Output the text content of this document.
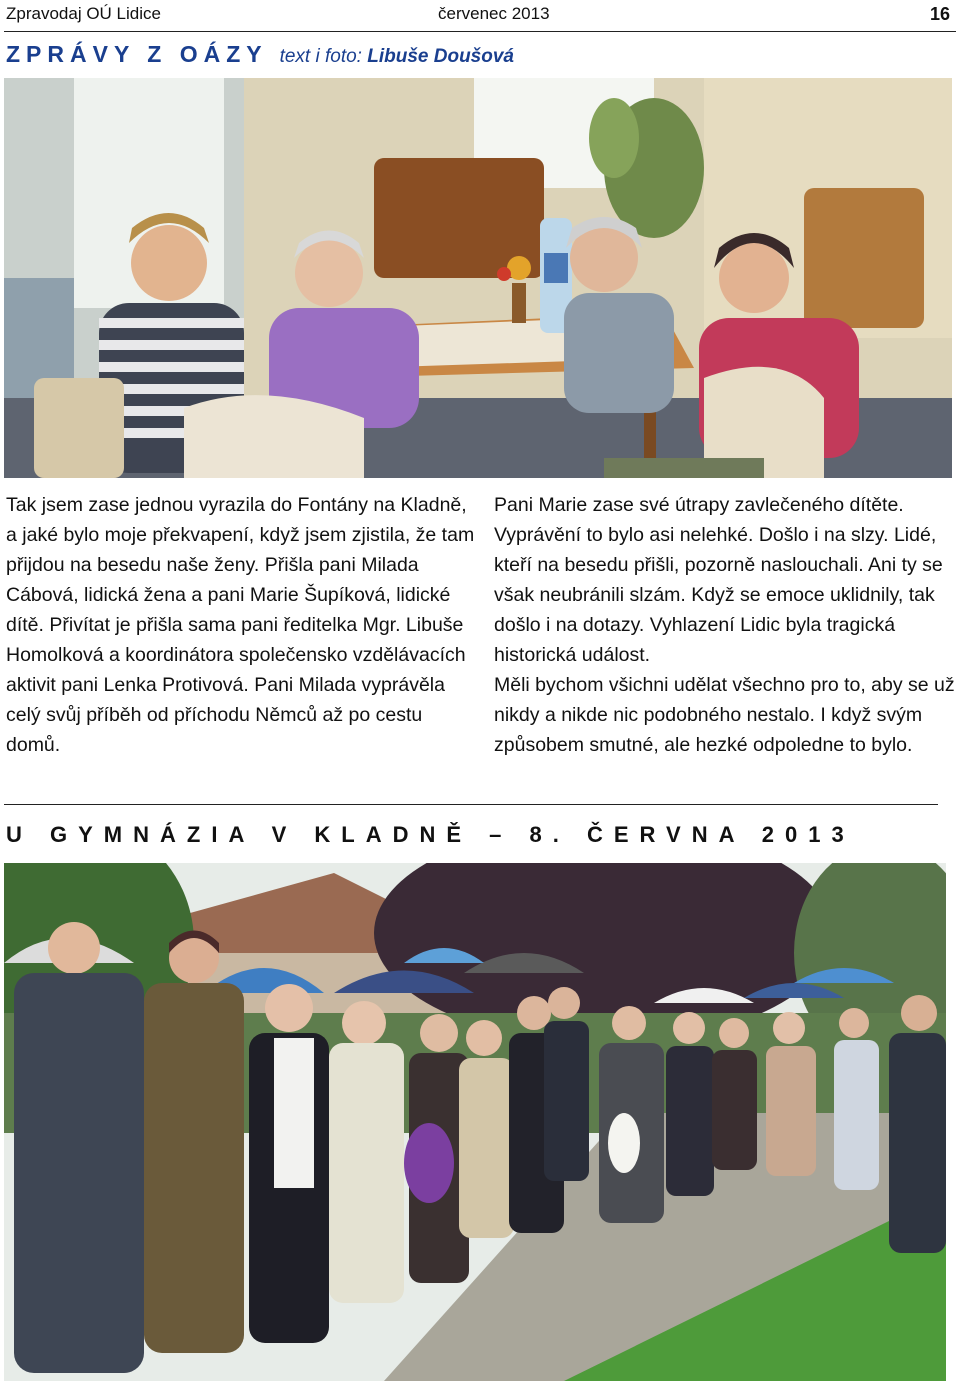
Zpravodaj OÚ Lidice	červenec 2013	16
ZPRÁVY Z OÁZY text i foto: Libuše Doušová

Tak jsem zase jednou vyrazila do Fontány na Kladně, a jaké bylo moje překvapení, když jsem zjistila, že tam přijdou na besedu naše ženy. Přišla pani Milada Cábová, lidická žena a pani Marie Šupíková, lidické dítě. Přivítat je přišla sama pani ředitelka Mgr. Libuše Homolková a koordinátora společensko vzdělávacích aktivit pani Lenka Protivová. Pani Milada vyprávěla celý svůj příběh od příchodu Němců až po cestu domů.

Pani Marie zase své útrapy zavlečeného dítěte. Vyprávění to bylo asi nelehké. Došlo i na slzy. Lidé, kteří na besedu přišli, pozorně naslouchali. Ani ty se však neubránili slzám. Když se emoce uklidnily, tak došlo i na dotazy. Vyhlazení Lidic byla tragická historická událost.

Měli bychom všichni udělat všechno pro to, aby se už nikdy a nikde nic podobného nestalo. I když svým způsobem smutné, ale hezké odpoledne to bylo.

U GYMNÁZIA V KLADNĚ – 8. ČERVNA 2013
